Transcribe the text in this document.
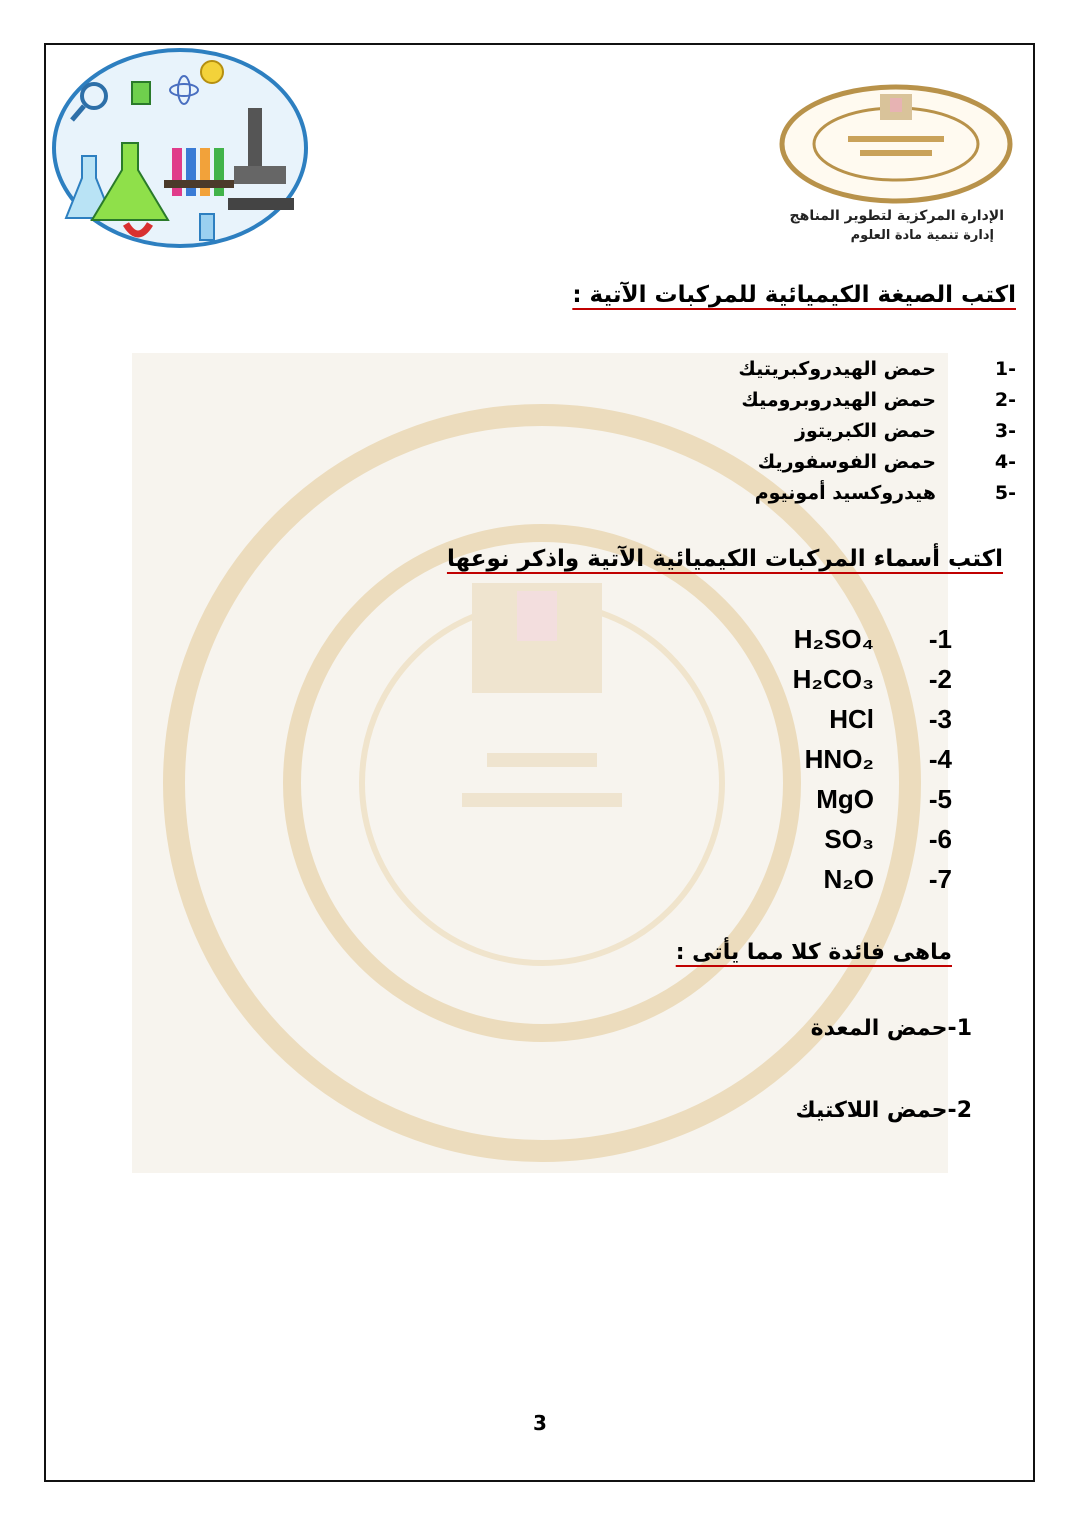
الإدارة المركزية لتطوير المناهج
إدارة تنمية مادة العلوم
اكتب الصيغة الكيميائية للمركبات الآتية :
-1حمض الهيدروكبريتيك
-2حمض الهيدروبروميك
-3حمض الكبريتوز
-4حمض الفوسفوريك
-5هيدروكسيد أمونيوم
اكتب أسماء المركبات الكيميائية الآتية واذكر نوعها
H₂SO₄ -1
H₂CO₃ -2
HCl -3
HNO₂ -4
MgO -5
SO₃ -6
N₂O -7
ماهى فائدة كلا مما يأتى :
1-حمض المعدة
2-حمض اللاكتيك
3
